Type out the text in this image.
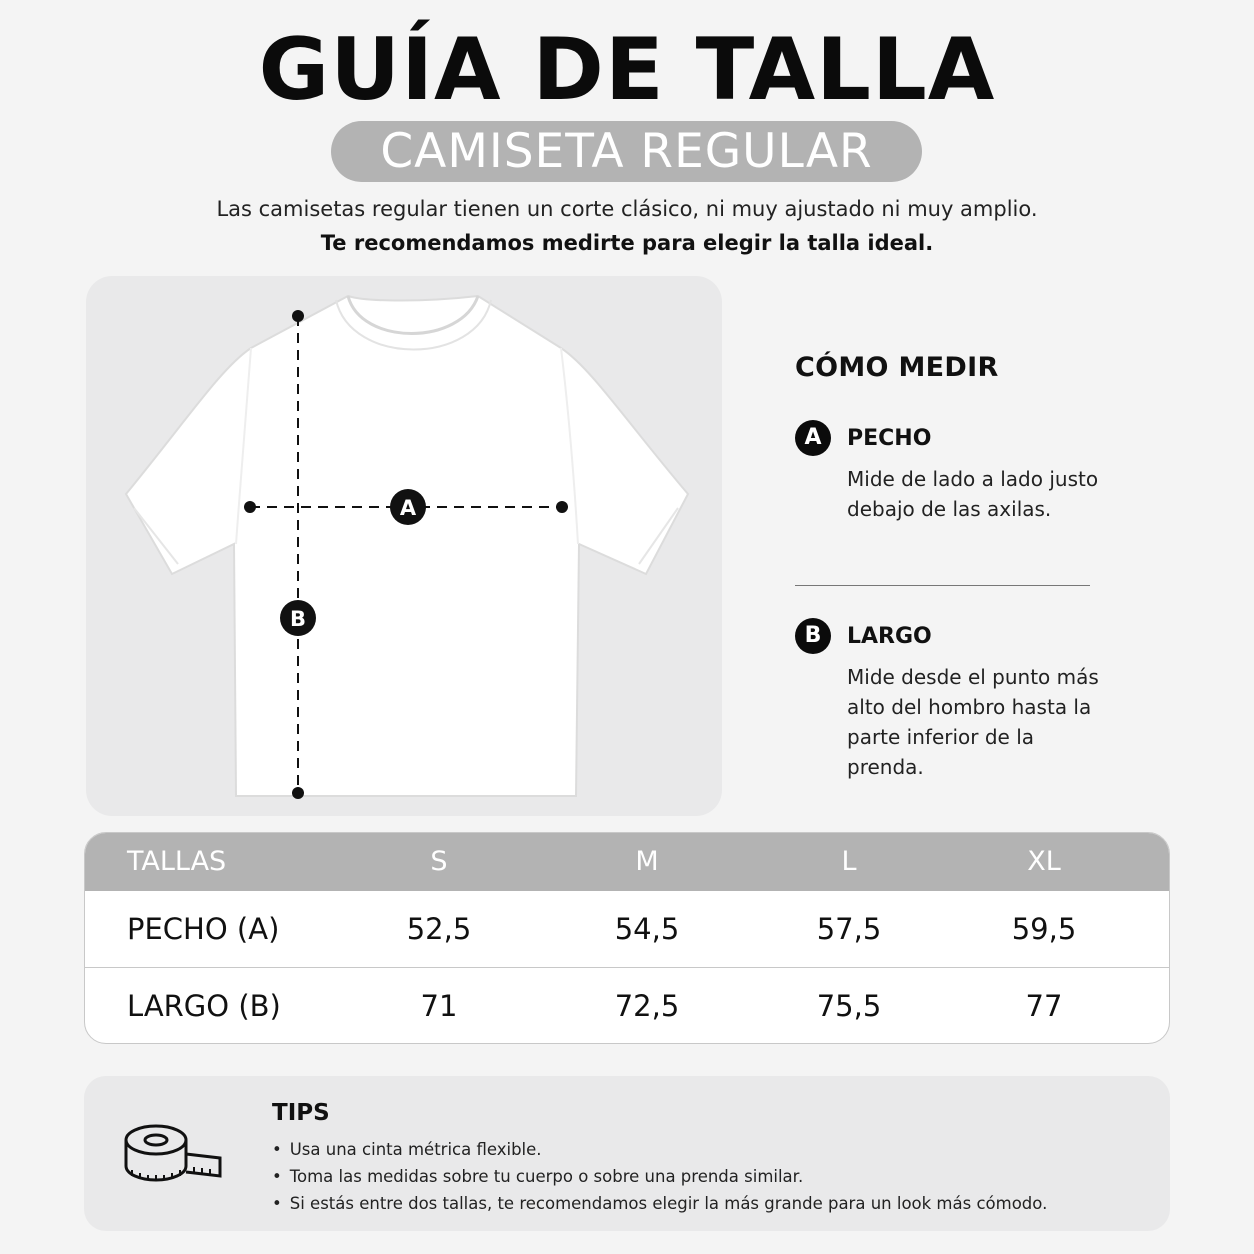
GUÍA DE TALLA
CAMISETA REGULAR

Las camisetas regular tienen un corte clásico, ni muy ajustado ni muy amplio.

Te recomendamos medirte para elegir la talla ideal.

A
B
CÓMO MEDIR
A	PECHO
Mide de lado a lado justo debajo de las axilas.
B	LARGO
Mide desde el punto más alto del hombro hasta la parte inferior de la prenda.
TALLAS	S	M	L	XL
PECHO (A)	52,5	54,5	57,5	59,5
LARGO (B)	71	72,5	75,5	77
TIPS
• Usa una cinta métrica flexible.
• Toma las medidas sobre tu cuerpo o sobre una prenda similar.
• Si estás entre dos tallas, te recomendamos elegir la más grande para un look más cómodo.
